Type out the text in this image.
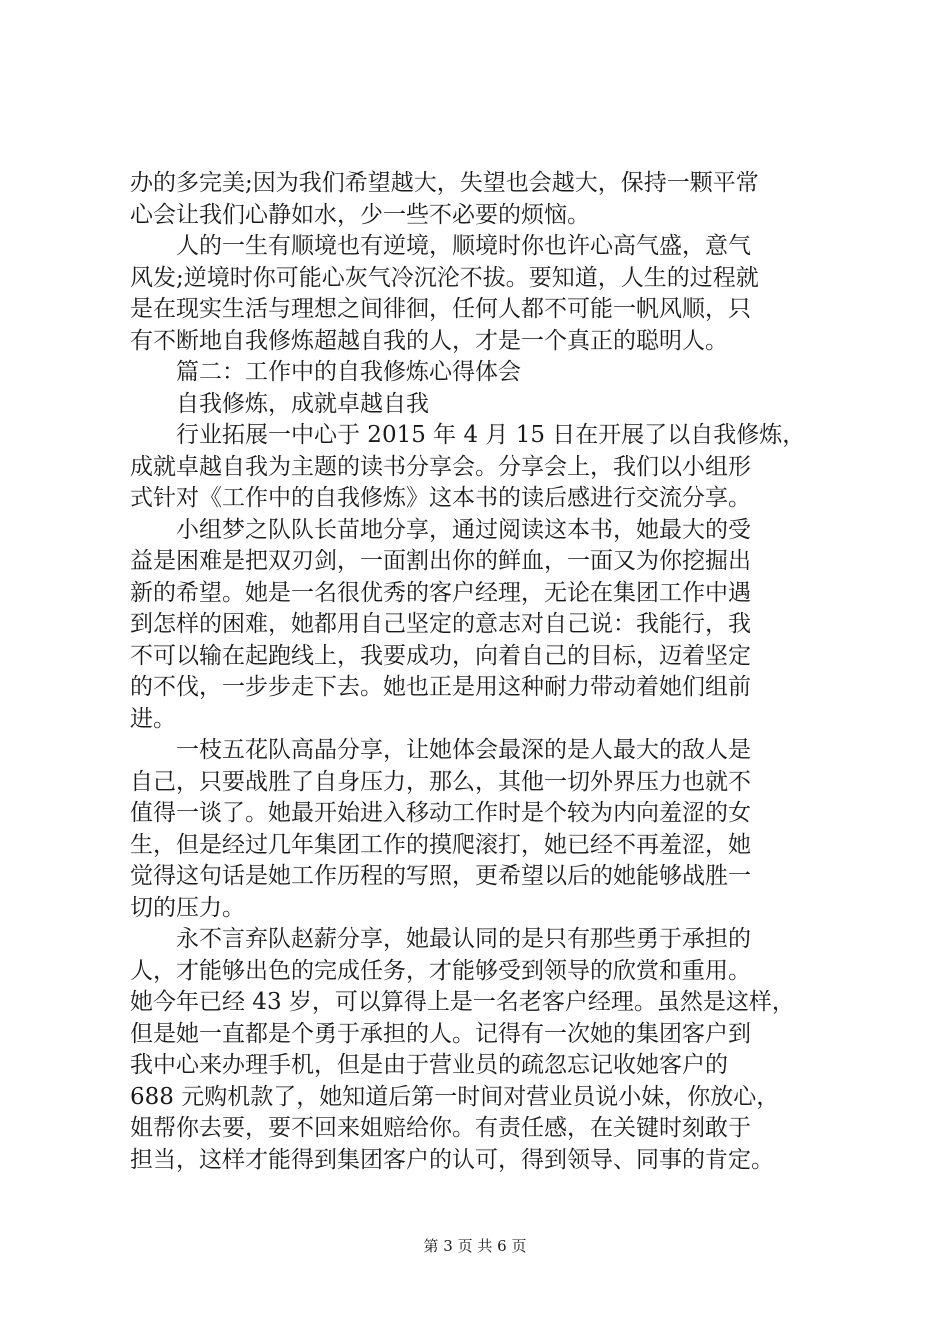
办的多完美;因为我们希望越大，失望也会越大，保持一颗平常
心会让我们心静如水，少一些不必要的烦恼。
人的一生有顺境也有逆境，顺境时你也许心高气盛，意气
风发;逆境时你可能心灰气冷沉沦不拔。要知道，人生的过程就
是在现实生活与理想之间徘徊，任何人都不可能一帆风顺，只
有不断地自我修炼超越自我的人，才是一个真正的聪明人。
篇二：工作中的自我修炼心得体会
自我修炼，成就卓越自我
行业拓展一中心于 2015 年 4 月 15 日在开展了以自我修炼，
成就卓越自我为主题的读书分享会。分享会上，我们以小组形
式针对《工作中的自我修炼》这本书的读后感进行交流分享。
小组梦之队队长苗地分享，通过阅读这本书，她最大的受
益是困难是把双刃剑，一面割出你的鲜血，一面又为你挖掘出
新的希望。她是一名很优秀的客户经理，无论在集团工作中遇
到怎样的困难，她都用自己坚定的意志对自己说：我能行，我
不可以输在起跑线上，我要成功，向着自己的目标，迈着坚定
的不伐，一步步走下去。她也正是用这种耐力带动着她们组前
进。
一枝五花队高晶分享，让她体会最深的是人最大的敌人是
自己，只要战胜了自身压力，那么，其他一切外界压力也就不
值得一谈了。她最开始进入移动工作时是个较为内向羞涩的女
生，但是经过几年集团工作的摸爬滚打，她已经不再羞涩，她
觉得这句话是她工作历程的写照，更希望以后的她能够战胜一
切的压力。
永不言弃队赵薪分享，她最认同的是只有那些勇于承担的
人，才能够出色的完成任务，才能够受到领导的欣赏和重用。
她今年已经 43 岁，可以算得上是一名老客户经理。虽然是这样，
但是她一直都是个勇于承担的人。记得有一次她的集团客户到
我中心来办理手机，但是由于营业员的疏忽忘记收她客户的
688 元购机款了，她知道后第一时间对营业员说小妹，你放心，
姐帮你去要，要不回来姐赔给你。有责任感，在关键时刻敢于
担当，这样才能得到集团客户的认可，得到领导、同事的肯定。
第 3 页 共 6 页
